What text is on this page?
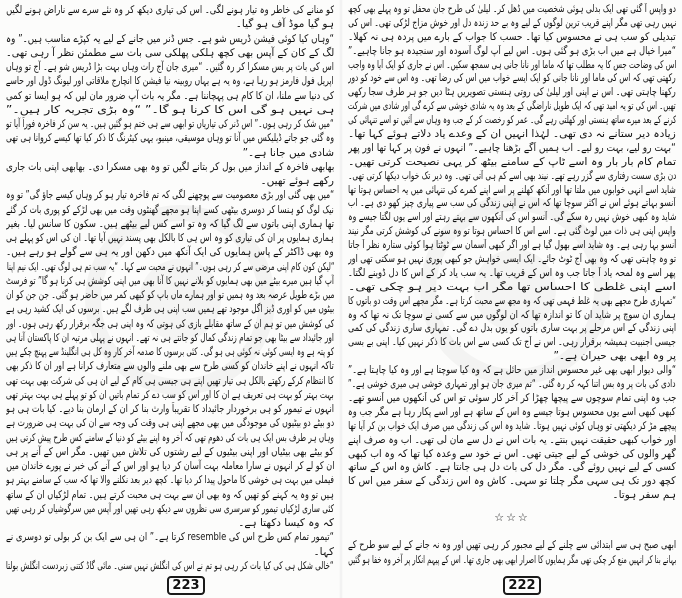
کو منانے کی خاطر وہ تیار ہونے لگی۔ اس کی تیاری دیکھ کر وہ نئے سرے سے ناراض ہونے لگیں
ہو گیا موڈ آف ہو گیا۔
“وہاں کیا کوئی فیشن ڈریس شو ہے۔ جس ڈنر میں جانے کے لیے یہ کپڑے مناسب ہیں۔” وہ
لگ کے کان کے آپس بھی کچھ ہلکی پھلکی سی بات سے مطمئن نظر آ رہی تھی۔
اس کی بات پر بس مسکرا کر رہ گئیں۔ “میری جان آج رات وہاں بہت بڑا ڈریس شو ہے۔ آج تو وہاں
اپریل فول فارمز ہو رہا ہے، وہ یہ ہے یہاں روبینہ نیا فیشن کا انچارج ملاقاتی اور لیونگ ڈول اور حاسے
کی دنیا سے ملنا، ان کا کام ہی پہچاننا ہے۔ مگر یہ بات آپ ضرور مان لیں کہ ہو ایسا تو کمی
ہی نہیں ہو گی اس کا کرنا ہو گا۔” “وہ بڑی تجربہ کار ہیں۔”
“میں شک کر رہی ہوں۔” اس ڈنر کی تیاریاں تو ابھی سے ہی ختم ہو گئیں ہیں۔ یہ سن کر فاخرہ فوراً آیا تو
وہ گئی جو جاتے ڈیلیکس میں آنا تو وہاں موسیقی، مینیو، یہی کیٹرنگ کا ذکر کیا تھا کیسے کروانا ہی تھی
شادی میں جانا ہے۔”
بھابھی فاخرہ کے انداز میں بول کر بتانے لگیں تو وہ بھی مسکرا دی۔ بھابھی اپنی بات جاری
رکھے ہوئے تھیں۔
“میں بھی گئی اور بڑی معصومیت سے پوچھنے لگی کہ تم فاخرہ تیار ہو کر وہاں کیسے جاؤ گی” تو وہ
نیک لوگ کو ہنسا کر دوسری بیٹھی کسے اپنا ہو مجھے گھنٹوں وقت میں بھی لڑکے کو پوری بات کر گئے
تھا ہماری اپنی باتوں سے لگ گیا کہ وہ تو اسے کس لیے بیٹھے ہیں۔ سکون کا سانس لیا۔ بغیر
ہماری ہمایوں پر ان کی تیاری کو وہ اس ہی کا بالکل بھی پسند نہیں آیا تھا۔ ان کی اس کو پہلے ہی
وہ بھی ڈاکٹر کے پاس ہمایوں کی ایک آنکھ میں دکھن اور یہ ہی سے گولے ہو رہے ہیں۔
“لیکن کون کام اپنی مرضی سے کر رہی ہوں۔” انہوں نے محبت سے کہا۔ “یہ سب تم ہی لوگ تھی۔ ایک نیم اپنا
آپ گیا ہیں میرے بیٹے میں بھی ہمایوں کو بلانے نہیں کا آنا بھی میں اپنی کوشش ہی کرنا ہو گا” تو فرسٹ
میں بڑے طویل عرصہ بعد وہ ہمیں تو اور ہمارے ماں باپ کو کبھی کمر میں حاضر ہو گئی۔ جن جن کو ان
بیٹوں میں کو اوری ڈیز اگل موجود تھے ہمیں سب اپنی ہی طرف لگے ہیں۔ برسوں کی ایک کشید رہی ہے
کی کوشش میں تو ہم ان کے ساتھ مقابلے بازی کی ہوتی کہ وہ اپنی ہی جگہ برقرار رکھ رہی ہوں۔ اور
اور جائیداد سے بیٹا بھی جو تمام زندگی کمال کو جانتے ہی نہ تھے۔ انہوں نے پہلی مرتبہ ان کا پاکستان آنا ہی
کو پتہ ہے وہ ایسی کوئی نہ کوئی ہی ہو گی۔ کئی برسوں کا صدمہ آخر کار وہ کل ہی انگلینڈ سے پہنچ چکے ہیں
تاکہ انہوں نے اپنے خاندان کو کسی طرح سے بھی ملنے والوں سے متعارف کرانا ہے اور ان کا ذکر بھی
کا انتظام کرکے رکھتے بالکل ہی تیار تھیں اپنے ہی جیسی ہی کام کے لیے ان ہی کی شرکت بھی بہت تھی
بہت بہتر کو بہت ہی تعریف ہے ان کا اور اس کو سب دے کر تمام باتیں ان کو تو پہلے ہی بہت بہتر تھی
انہوں نے تیمور کو ہی برخوردار جائیداد کا تقریباً وارث بنا کر ان کے ارمان بنا دیے۔ کیا بات ہی ہو
دو بیٹے دو بیٹیوں کی موجودگی میں بھی مجھے اپنی ہی وقت کی وجہ سے ان کی بہت ہی ضرورت ہے
وہاں ہر طرف بس ایک ہی بات کی دھوم تھی کہ آخر وہ اپنے بیٹے کو دنیا کے سامنے کس طرح پیش کرتی ہیں
کو بیٹے بھی بیٹیاں اور اپنی بیٹیوں کے لیے رشتوں کی تلاش میں تھیں۔ مگر اس کے آنے پر ہی
ان کو لے کر انہوں نے سارا معاملہ بہت آسان کر دیا ہو اور اس کے آنے کی خبر نے پورے خاندان میں
فیملی میں بہت ہی خوشی کا ماحول پیدا کر دیا تھا۔ کچھ دیر بعد نکلنے والا تھا کہ سب کے سامنے بہتر ہو
ہیں تو وہ یہ کہنے کو تھیں کہ وہ بھی ان سے بہت ہی محبت کرتے ہیں۔ تمام لڑکیاں ان کے ساتھ
کئی ساری لڑکیاں تیمور کو سرسری سی نظروں سے دیکھ رہی تھیں اور آپس میں سرگوشیاں کر رہی تھیں
کہ وہ کیسا دکھتا ہے۔
“تیمور تمام کس طرح اس کی resemble کرتا ہے۔” ان ہی سے ایک بن کر بولی تو دوسری نے
کہا۔
“خالی شکل ہی کی کیا بات کر رہی ہو تم نے اس کی انگلش نہیں سنی۔ مائی گاڈ کتنی زبردست انگلش بولتا
223
دو واپس آ گئی تھی ایک بدلی ہوئی شخصیت میں ڈھل کر۔ لیلیٰ کی طرح جان محفل تو وہ پہلے بھی کچھ
نہیں رہی تھی مگر اپنے قریب ترین لوگوں کے لیے وہ بے حد زندہ دل اور خوش مزاج لڑکی تھی۔ اس کی
تبدیلی کو سب ہی نے محسوس کیا تھا۔ حسب کا جواب کے بارے میں پردہ ہی نہ کھلا۔
“میرا خیال ہے میں اب بڑی ہو گئی ہوں۔ اس لیے آپ لوگ آسودہ اور سنجیدہ ہو جانا چاہیے۔”
اس کی وضاحت جس کا یہ مطلب تھا کہ ماما اور نانا جانی ہی سمجھ سکیں۔ اس نے جاری کو ایک آیا وہ واجب
رکھتی تھی کہ اس کی ماما اور نانا جانی کو ایک ایسے خواب میں اس کی رضا تھی۔ وہ اس سے خود کو دور
رکھنا چاہتی تھی۔ اس نے اپنی اور لیلیٰ کی روتی ہنستی تصویریں ہٹا دیں جو ہر طرف سجا رکھی
تھیں۔ اس کی تو یہ امید تھی کہ ایک طویل ناراضگی کے بعد وہ یہ شادی خوشی سے کرے گی اور شادی میں شرکت
کرنے کے بعد میرے ساتھ ہنستی اور کھلتی رہے گی۔ عمر کو رخصت کر کے جب وہ وہاں سے آئیں تو اسے تنہائی کی
زیادہ دیر ستانے نہ دی تھی۔ لہٰذا انہیں ان کے وعدے یاد دلاتے ہوئے کہا تھا۔
“بہت رو لیے، بہت رو لیے۔ اب ہمیں آگے بڑھنا چاہیے۔” انہوں نے فون پر کہا تھا اور پھر
تمام کام بار بار وہ اسے ٹاپ کے سامنے بیٹھ کر یہی نصیحت کرتی تھیں۔
دن بڑی سست رفتاری سے گزر رہے تھے۔ نیند بھی اسے کم ہی آتی تھی۔ وہ دیر تک خواب دیکھا کرتی تھی۔
شاید اسے انہی خوابوں میں ملتا تھا اور آنکھ کھلنے پر اسے اپنے کمرے کی تنہائی میں یہ احساس ہوتا تھا
آنسو بہاتے ہوئے اس نے اکثر سوچا تھا کہ اس نے اپنی زندگی کی سب سے پیاری چیز کھو دی ہے۔ اب
شاید وہ کبھی خوش نہیں رہ سکے گی۔ آنسو اس کی آنکھوں سے بہتے رہتے اور اسے یوں لگتا جیسے وہ
واپس اپنی ہی ذات میں لوٹ گئی ہے۔ اسے اس کا احساس ہوتا تو وہ سونے کی کوشش کرتی مگر نیند
آنسو بہا رہی ہے۔ وہ شاید اسے بھول گیا ہے اور اگر کبھی آسمان سے ٹوٹتا ہوا کوئی ستارہ نظر آ جاتا
تو وہ چاہتی تھی کہ وہ بھی آج ٹوٹ جائے۔ ایک ایسی خواہش جو کبھی پوری نہیں ہو سکتی تھی اور
پھر اسے وہ لمحہ یاد آ جاتا جب وہ اس کے قریب تھا۔ یہ سب یاد کر کے اس کا دل ڈوبنے لگتا۔
اسے اپنی غلطی کا احساس تھا مگر اب بہت دیر ہو چکی تھی۔
“تمہاری طرح مجھے بھی یہ غلط فہمی تھی کہ وہ مجھ سے محبت کرتا ہے۔ مگر مجھے اس وقت دو باتوں کا
ہماری ان سوچ پر شاید ان کا تو اندازہ تھا کہ ان لوگوں میں سے کسی نے سوچا تک نہ تھا کہ وہ
اپنی زندگی کے اس مرحلے پر بہت ساری باتوں کو یوں بدل دے گی۔ تمہاری ساری زندگی کی کمی
جیسی اجنبیت ہمیشہ برقرار رہی۔ اس نے آج تک کسی سے اس بات کا ذکر نہیں کیا۔ اپنی بے بسی
پر وہ ابھی بھی حیران ہے۔”
“والی دیوار ابھی بھی غیر محسوس انداز میں حائل ہے کہ وہ کیا سوچتا ہے اور وہ کیا چاہتا ہے۔”
دادی کی بات پر وہ بس اتنا کہہ کر رہ گئی۔ “تم میری جان ہو اور تمہاری خوشی ہی میری خوشی ہے۔”
جب وہ اپنی تمام سوچوں سے پیچھا چھڑا کر آخر کار سوئی تو اس کی آنکھوں میں آنسو تھے۔
کبھی کبھی اسے یوں محسوس ہوتا جیسے وہ اس کے ساتھ ہے اور اسے پکار رہا ہے مگر جب وہ
پیچھے مڑ کر دیکھتی تو وہاں کوئی نہیں ہوتا۔ شاید وہ اس کی زندگی میں صرف ایک خواب بن کر آیا تھا
اور خواب کبھی حقیقت نہیں بنتے۔ یہ بات اس نے دل سے مان لی تھی۔ اب وہ صرف اپنے
گھر والوں کی خوشی کے لیے جیتی تھی۔ اس نے خود سے وعدہ کیا تھا کہ وہ اب کبھی
کسی کے لیے نہیں روئے گی۔ مگر دل کی بات دل ہی جانتا ہے۔ کاش وہ اس کے ساتھ
کچھ دور تک ہی سہی مگر چلتا تو سہی۔ کاش وہ اس زندگی کے سفر میں اس کا
ہم سفر ہوتا۔
☆☆☆
ابھی صبح ہی سے ابتدائی سے چلنے کے لیے مجبور کر رہی تھیں اور وہ نہ جانے کے لیے سو طرح کے
بہانے بنا کر انہیں منع کر چکی تھی مگر ہمایوں کا اصرار ابھی بھی جاری تھا۔ اس کے پیہم انکار پر آخر وہ خفا ہو گئیں
222
